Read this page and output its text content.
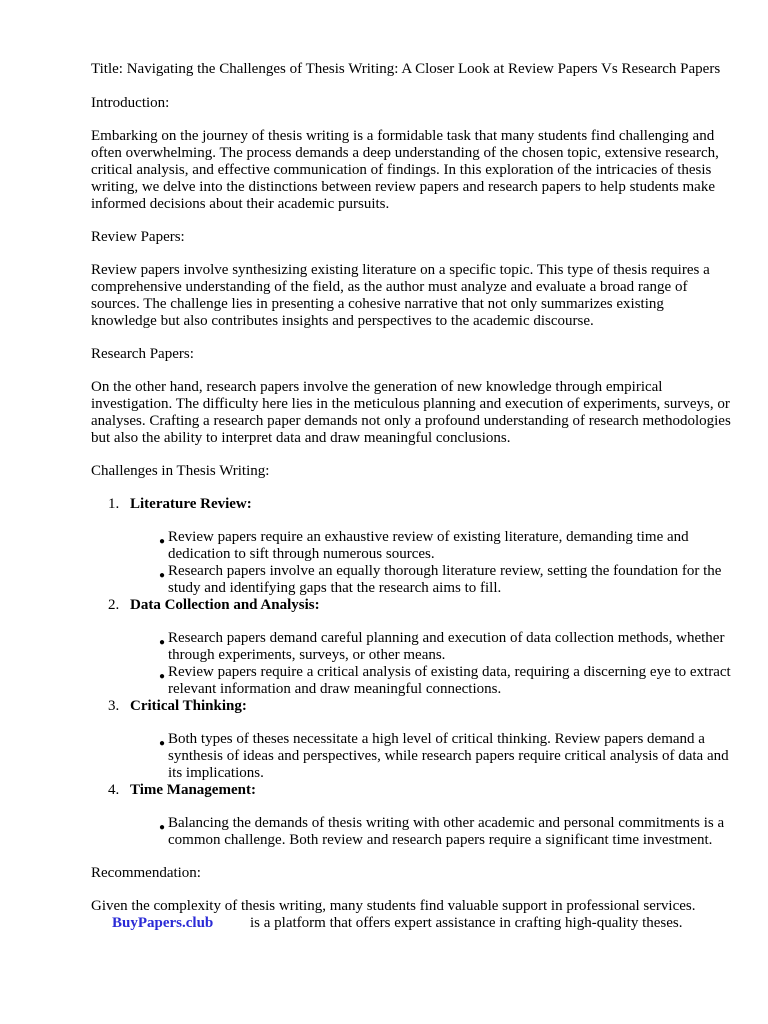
Title: Navigating the Challenges of Thesis Writing: A Closer Look at Review Papers Vs Research Papers

Introduction:

Embarking on the journey of thesis writing is a formidable task that many students find challenging and often overwhelming. The process demands a deep understanding of the chosen topic, extensive research, critical analysis, and effective communication of findings. In this exploration of the intricacies of thesis writing, we delve into the distinctions between review papers and research papers to help students make informed decisions about their academic pursuits.

Review Papers:

Review papers involve synthesizing existing literature on a specific topic. This type of thesis requires a comprehensive understanding of the field, as the author must analyze and evaluate a broad range of sources. The challenge lies in presenting a cohesive narrative that not only summarizes existing knowledge but also contributes insights and perspectives to the academic discourse.

Research Papers:

On the other hand, research papers involve the generation of new knowledge through empirical investigation. The difficulty here lies in the meticulous planning and execution of experiments, surveys, or analyses. Crafting a research paper demands not only a profound understanding of research methodologies but also the ability to interpret data and draw meaningful conclusions.

Challenges in Thesis Writing:

1. Literature Review:
● Review papers require an exhaustive review of existing literature, demanding time and dedication to sift through numerous sources.
● Research papers involve an equally thorough literature review, setting the foundation for the study and identifying gaps that the research aims to fill.
2. Data Collection and Analysis:
● Research papers demand careful planning and execution of data collection methods, whether through experiments, surveys, or other means.
● Review papers require a critical analysis of existing data, requiring a discerning eye to extract relevant information and draw meaningful connections.
3. Critical Thinking:
● Both types of theses necessitate a high level of critical thinking. Review papers demand a synthesis of ideas and perspectives, while research papers require critical analysis of data and its implications.
4. Time Management:
● Balancing the demands of thesis writing with other academic and personal commitments is a common challenge. Both review and research papers require a significant time investment.

Recommendation:

Given the complexity of thesis writing, many students find valuable support in professional services.

BuyPapers.club is a platform that offers expert assistance in crafting high-quality theses.
